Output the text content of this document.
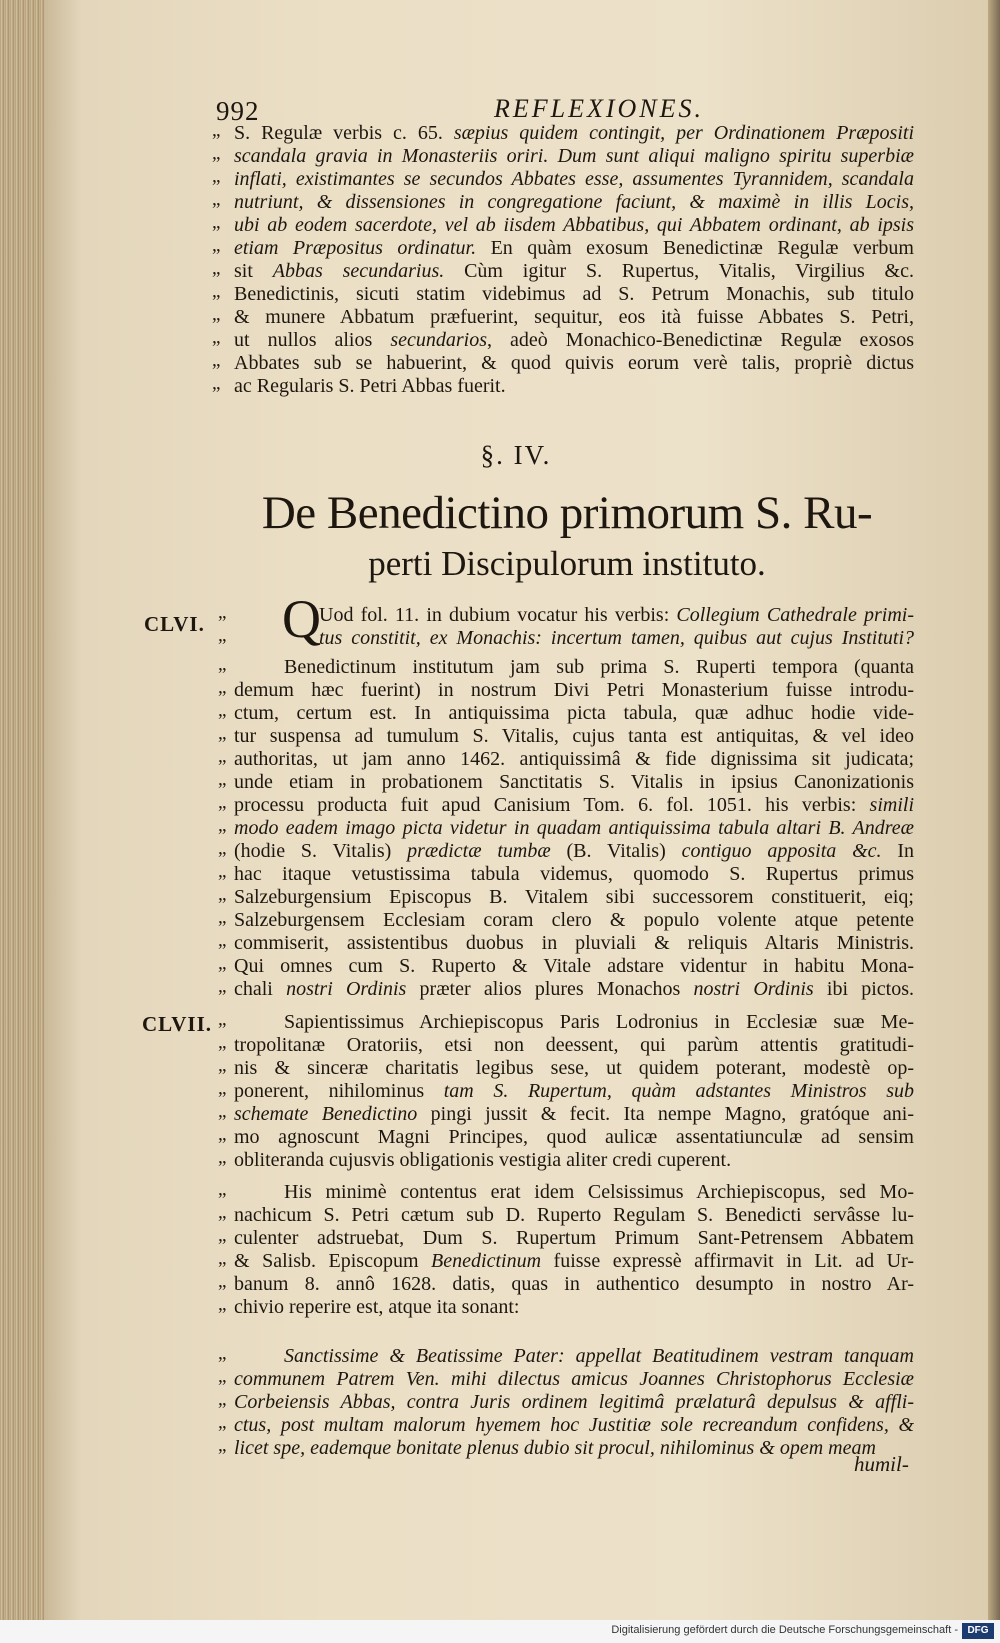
992	REFLEXIONES.
„ S. Regulæ verbis c. 65. sæpius quidem contingit, per Ordinationem Præpositi
„ scandala gravia in Monasteriis oriri. Dum sunt aliqui maligno spiritu superbiæ
„ inflati, existimantes se secundos Abbates esse, assumentes Tyrannidem, scandala
„ nutriunt, & dissensiones in congregatione faciunt, & maximè in illis Locis,
„ ubi ab eodem sacerdote, vel ab iisdem Abbatibus, qui Abbatem ordinant, ab ipsis
„ etiam Præpositus ordinatur. En quàm exosum Benedictinæ Regulæ verbum
„ sit Abbas secundarius. Cùm igitur S. Rupertus, Vitalis, Virgilius &c.
„ Benedictinis, sicuti statim videbimus ad S. Petrum Monachis, sub titulo
„ & munere Abbatum præfuerint, sequitur, eos ità fuisse Abbates S. Petri,
„ ut nullos alios secundarios, adeò Monachico-Benedictinæ Regulæ exosos
„ Abbates sub se habuerint, & quod quivis eorum verè talis, propriè dictus
„ ac Regularis S. Petri Abbas fuerit.
§. IV.
De Benedictino primorum S. Ru-
perti Discipulorum instituto.
CLVI.
CLVII.
Q
„	Uod fol. 11. in dubium vocatur his verbis: Collegium Cathedrale primi-
„	tus constitit, ex Monachis: incertum tamen, quibus aut cujus Instituti?
„	Benedictinum institutum jam sub prima S. Ruperti tempora (quanta
„ demum hæc fuerint) in nostrum Divi Petri Monasterium fuisse introdu-
„ ctum, certum est. In antiquissima picta tabula, quæ adhuc hodie vide-
„ tur suspensa ad tumulum S. Vitalis, cujus tanta est antiquitas, & vel ideo
„ authoritas, ut jam anno 1462. antiquissimâ & fide dignissima sit judicata;
„ unde etiam in probationem Sanctitatis S. Vitalis in ipsius Canonizationis
„ processu producta fuit apud Canisium Tom. 6. fol. 1051. his verbis: simili
„ modo eadem imago picta videtur in quadam antiquissima tabula altari B. Andreæ
„ (hodie S. Vitalis) prædictæ tumbæ (B. Vitalis) contiguo apposita &c. In
„ hac itaque vetustissima tabula videmus, quomodo S. Rupertus primus
„ Salzeburgensium Episcopus B. Vitalem sibi successorem constituerit, eiq;
„ Salzeburgensem Ecclesiam coram clero & populo volente atque petente
„ commiserit, assistentibus duobus in pluviali & reliquis Altaris Ministris.
„ Qui omnes cum S. Ruperto & Vitale adstare videntur in habitu Mona-
„ chali nostri Ordinis præter alios plures Monachos nostri Ordinis ibi pictos.
„	Sapientissimus Archiepiscopus Paris Lodronius in Ecclesiæ suæ Me-
„ tropolitanæ Oratoriis, etsi non deessent, qui parùm attentis gratitudi-
„ nis & sinceræ charitatis legibus sese, ut quidem poterant, modestè op-
„ ponerent, nihilominus tam S. Rupertum, quàm adstantes Ministros sub
„ schemate Benedictino pingi jussit & fecit. Ita nempe Magno, gratóque ani-
„ mo agnoscunt Magni Principes, quod aulicæ assentatiunculæ ad sensim
„ obliteranda cujusvis obligationis vestigia aliter credi cuperent.
„	His minimè contentus erat idem Celsissimus Archiepiscopus, sed Mo-
„ nachicum S. Petri cætum sub D. Ruperto Regulam S. Benedicti servâsse lu-
„ culenter adstruebat, Dum S. Rupertum Primum Sant-Petrensem Abbatem
„ & Salisb. Episcopum Benedictinum fuisse expressè affirmavit in Lit. ad Ur-
„ banum 8. annô 1628. datis, quas in authentico desumpto in nostro Ar-
„ chivio reperire est, atque ita sonant:
„	Sanctissime & Beatissime Pater: appellat Beatitudinem vestram tanquam
„ communem Patrem Ven. mihi dilectus amicus Joannes Christophorus Ecclesiæ
„ Corbeiensis Abbas, contra Juris ordinem legitimâ prælaturâ depulsus & affli-
„ ctus, post multam malorum hyemem hoc Justitiæ sole recreandum confidens, &
„ licet spe, eademque bonitate plenus dubio sit procul, nihilominus & opem meam
humil-
Digitalisierung gefördert durch die Deutsche Forschungsgemeinschaft - DFG
